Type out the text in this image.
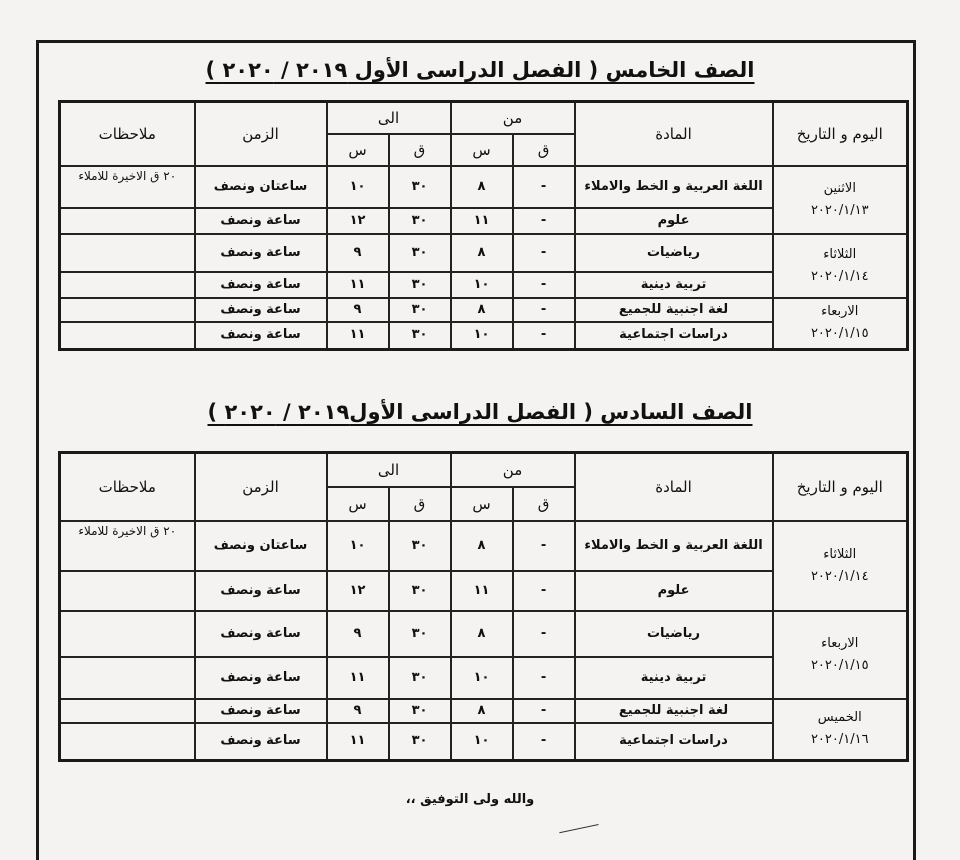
الصف الخامس ( الفصل الدراسى الأول ٢٠١٩ / ٢٠٢٠ )
اليوم و التاريخ	المادة	من		الى		الزمن	ملاحظات
		ق	س	ق	س		

الاثنين
٢٠٢٠/١/١٣	اللغة العربية و الخط والاملاء	-	٨	٣٠	١٠	ساعتان ونصف	٢٠ ق الاخيرة للاملاء
	علوم	-	١١	٣٠	١٢	ساعة ونصف	

الثلاثاء
٢٠٢٠/١/١٤	رياضيات	-	٨	٣٠	٩	ساعة ونصف	
	تربية دينية	-	١٠	٣٠	١١	ساعة ونصف	

الاربعاء
٢٠٢٠/١/١٥	لغة اجنبية للجميع	-	٨	٣٠	٩	ساعة ونصف	
	دراسات اجتماعية	-	١٠	٣٠	١١	ساعة ونصف	
الصف السادس ( الفصل الدراسى الأول٢٠١٩ / ٢٠٢٠ )
اليوم و التاريخ	المادة	من		الى		الزمن	ملاحظات
		ق	س	ق	س		

الثلاثاء
٢٠٢٠/١/١٤	اللغة العربية و الخط والاملاء	-	٨	٣٠	١٠	ساعتان ونصف	٢٠ ق الاخيرة للاملاء
	علوم	-	١١	٣٠	١٢	ساعة ونصف	

الاربعاء
٢٠٢٠/١/١٥	رياضيات	-	٨	٣٠	٩	ساعة ونصف	
	تربية دينية	-	١٠	٣٠	١١	ساعة ونصف	

الخميس
٢٠٢٠/١/١٦	لغة اجنبية للجميع	-	٨	٣٠	٩	ساعة ونصف	
	دراسات اجتماعية	-	١٠	٣٠	١١	ساعة ونصف	
والله ولى التوفيق ،،
